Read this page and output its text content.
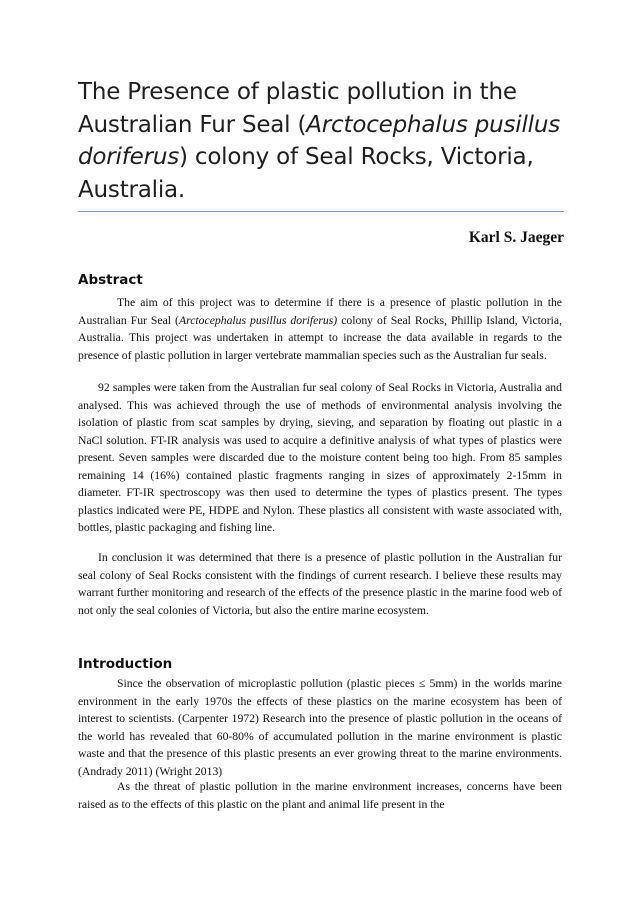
The Presence of plastic pollution in the Australian Fur Seal (Arctocephalus pusillus doriferus) colony of Seal Rocks, Victoria, Australia.
Karl S. Jaeger
Abstract

The aim of this project was to determine if there is a presence of plastic pollution in the Australian Fur Seal (Arctocephalus pusillus doriferus) colony of Seal Rocks, Phillip Island, Victoria, Australia. This project was undertaken in attempt to increase the data available in regards to the presence of plastic pollution in larger vertebrate mammalian species such as the Australian fur seals.

92 samples were taken from the Australian fur seal colony of Seal Rocks in Victoria, Australia and analysed. This was achieved through the use of methods of environmental analysis involving the isolation of plastic from scat samples by drying, sieving, and separation by floating out plastic in a NaCl solution. FT-IR analysis was used to acquire a definitive analysis of what types of plastics were present. Seven samples were discarded due to the moisture content being too high. From 85 samples remaining 14 (16%) contained plastic fragments ranging in sizes of approximately 2-15mm in diameter. FT-IR spectroscopy was then used to determine the types of plastics present. The types plastics indicated were PE, HDPE and Nylon. These plastics all consistent with waste associated with, bottles, plastic packaging and fishing line.

In conclusion it was determined that there is a presence of plastic pollution in the Australian fur seal colony of Seal Rocks consistent with the findings of current research. I believe these results may warrant further monitoring and research of the effects of the presence plastic in the marine food web of not only the seal colonies of Victoria, but also the entire marine ecosystem.

Introduction

Since the observation of microplastic pollution (plastic pieces ≤ 5mm) in the worlds marine environment in the early 1970s the effects of these plastics on the marine ecosystem has been of interest to scientists. (Carpenter 1972) Research into the presence of plastic pollution in the oceans of the world has revealed that 60-80% of accumulated pollution in the marine environment is plastic waste and that the presence of this plastic presents an ever growing threat to the marine environments. (Andrady 2011) (Wright 2013)

As the threat of plastic pollution in the marine environment increases, concerns have been raised as to the effects of this plastic on the plant and animal life present in the
